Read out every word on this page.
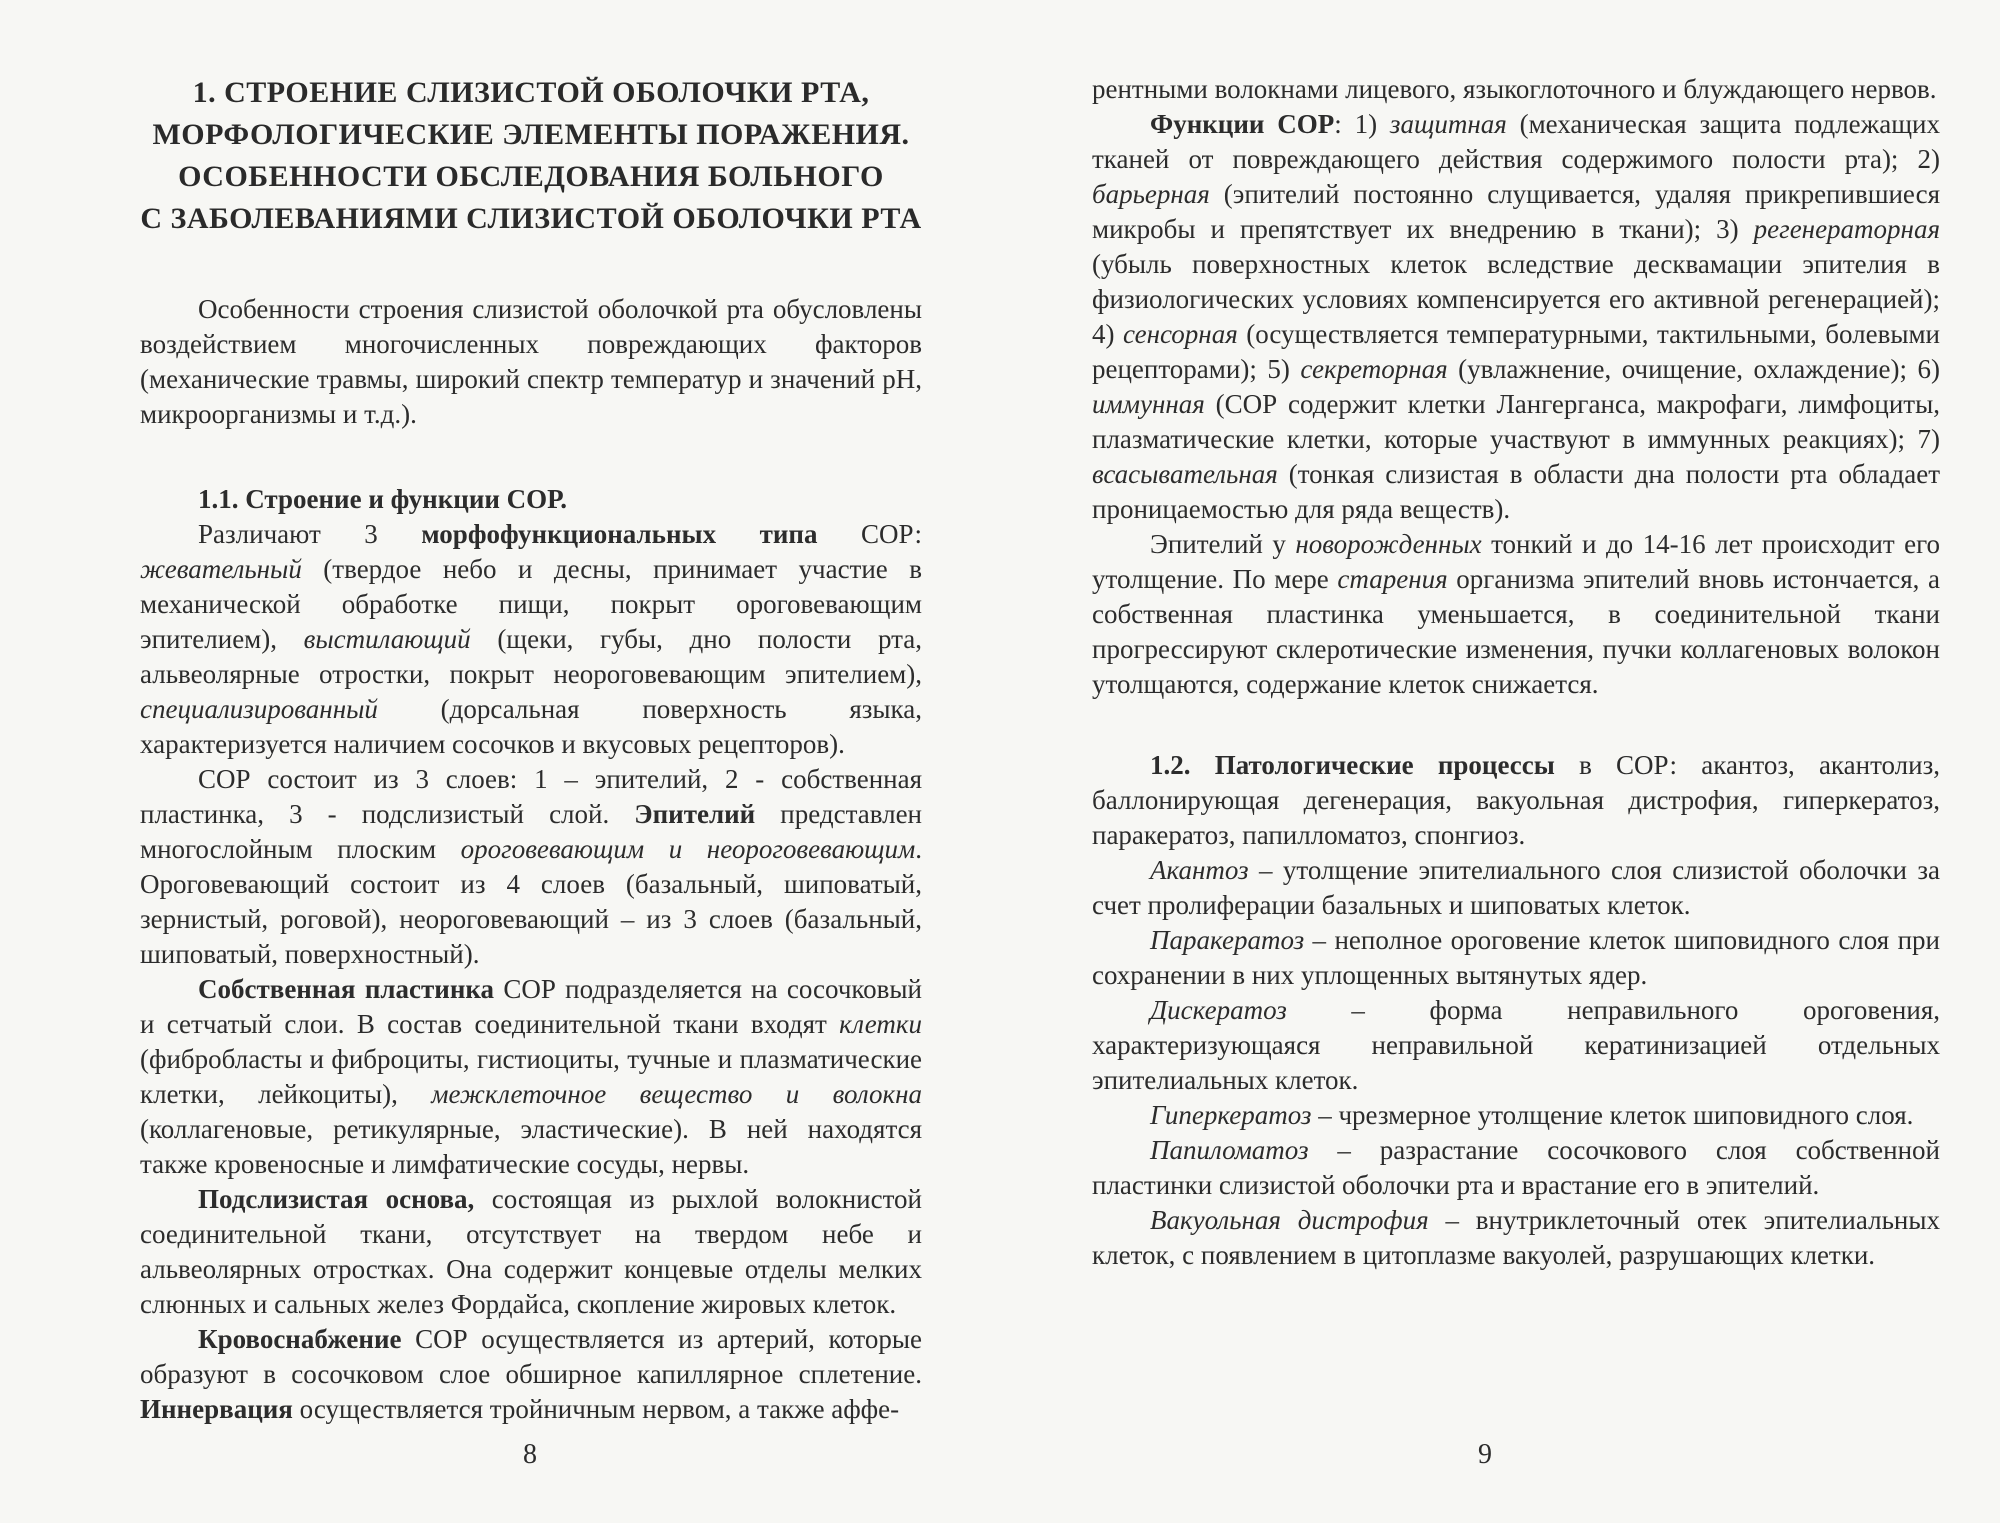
1. СТРОЕНИЕ СЛИЗИСТОЙ ОБОЛОЧКИ РТА,
МОРФОЛОГИЧЕСКИЕ ЭЛЕМЕНТЫ ПОРАЖЕНИЯ.
ОСОБЕННОСТИ ОБСЛЕДОВАНИЯ БОЛЬНОГО
С ЗАБОЛЕВАНИЯМИ СЛИЗИСТОЙ ОБОЛОЧКИ РТА

Особенности строения слизистой оболочкой рта обусловлены воздействием многочисленных повреждающих факторов (механические травмы, широкий спектр температур и значений pH, микроорганизмы и т.д.).

1.1. Строение и функции СОР.

Различают 3 морфофункциональных типа СОР: жевательный (твердое небо и десны, принимает участие в механической обработке пищи, покрыт ороговевающим эпителием), выстилающий (щеки, губы, дно полости рта, альвеолярные отростки, покрыт неороговевающим эпителием), специализированный (дорсальная поверхность языка, характеризуется наличием сосочков и вкусовых рецепторов).

СОР состоит из 3 слоев: 1 – эпителий, 2 - собственная пластинка, 3 - подслизистый слой. Эпителий представлен многослойным плоским ороговевающим и неороговевающим. Ороговевающий состоит из 4 слоев (базальный, шиповатый, зернистый, роговой), неороговевающий – из 3 слоев (базальный, шиповатый, поверхностный).

Собственная пластинка СОР подразделяется на сосочковый и сетчатый слои. В состав соединительной ткани входят клетки (фибробласты и фиброциты, гистиоциты, тучные и плазматические клетки, лейкоциты), межклеточное вещество и волокна (коллагеновые, ретикулярные, эластические). В ней находятся также кровеносные и лимфатические сосуды, нервы.

Подслизистая основа, состоящая из рыхлой волокнистой соединительной ткани, отсутствует на твердом небе и альвеолярных отростках. Она содержит концевые отделы мелких слюнных и сальных желез Фордайса, скопление жировых клеток.

Кровоснабжение СОР осуществляется из артерий, которые образуют в сосочковом слое обширное капиллярное сплетение. Иннервация осуществляется тройничным нервом, а также аффе-

8

рентными волокнами лицевого, языкоглоточного и блуждающего нервов.

Функции СОР: 1) защитная (механическая защита подлежащих тканей от повреждающего действия содержимого полости рта); 2) барьерная (эпителий постоянно слущивается, удаляя прикрепившиеся микробы и препятствует их внедрению в ткани); 3) регенераторная (убыль поверхностных клеток вследствие десквамации эпителия в физиологических условиях компенсируется его активной регенерацией); 4) сенсорная (осуществляется температурными, тактильными, болевыми рецепторами); 5) секреторная (увлажнение, очищение, охлаждение); 6) иммунная (СОР содержит клетки Лангерганса, макрофаги, лимфоциты, плазматические клетки, которые участвуют в иммунных реакциях); 7) всасывательная (тонкая слизистая в области дна полости рта обладает проницаемостью для ряда веществ).

Эпителий у новорожденных тонкий и до 14-16 лет происходит его утолщение. По мере старения организма эпителий вновь истончается, а собственная пластинка уменьшается, в соединительной ткани прогрессируют склеротические изменения, пучки коллагеновых волокон утолщаются, содержание клеток снижается.

1.2. Патологические процессы в СОР: акантоз, акантолиз, баллонирующая дегенерация, вакуольная дистрофия, гиперкератоз, паракератоз, папилломатоз, спонгиоз.

Акантоз – утолщение эпителиального слоя слизистой оболочки за счет пролиферации базальных и шиповатых клеток.

Паракератоз – неполное ороговение клеток шиповидного слоя при сохранении в них уплощенных вытянутых ядер.

Дискератоз – форма неправильного ороговения, характеризующаяся неправильной кератинизацией отдельных эпителиальных клеток.

Гиперкератоз – чрезмерное утолщение клеток шиповидного слоя.

Папиломатоз – разрастание сосочкового слоя собственной пластинки слизистой оболочки рта и врастание его в эпителий.

Вакуольная дистрофия – внутриклеточный отек эпителиальных клеток, с появлением в цитоплазме вакуолей, разрушающих клетки.

9
